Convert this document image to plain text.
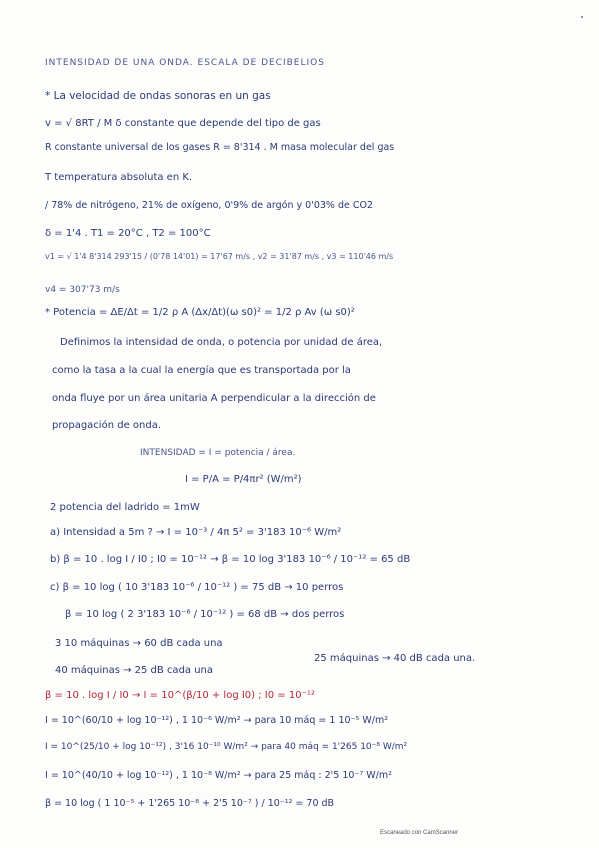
INTENSIDAD DE UNA ONDA. ESCALA DE DECIBELIOS
* La velocidad de ondas sonoras en un gas
v = √ 8RT / M δ constante que depende del tipo de gas
R constante universal de los gases R = 8'314 . M masa molecular del gas
T temperatura absoluta en K.
/ 78% de nitrógeno, 21% de oxígeno, 0'9% de argón y 0'03% de CO2
δ = 1'4 . T1 = 20°C , T2 = 100°C
v1 = √ 1'4 8'314 293'15 / (0'78 14'01) = 17'67 m/s , v2 = 31'87 m/s , v3 = 110'46 m/s
v4 = 307'73 m/s
* Potencia = ΔE/Δt = 1/2 ρ A (Δx/Δt)(ω s0)² = 1/2 ρ Av (ω s0)²
Definimos la intensidad de onda, o potencia por unidad de área,
como la tasa a la cual la energía que es transportada por la
onda fluye por un área unitaria A perpendicular a la dirección de
propagación de onda.
INTENSIDAD = I = potencia / área.
I = P/A = P/4πr² (W/m²)
2 potencia del ladrido = 1mW
a) Intensidad a 5m ? → I = 10⁻³ / 4π 5² = 3'183 10⁻⁶ W/m²
b) β = 10 . log I / I0 ; I0 = 10⁻¹² → β = 10 log 3'183 10⁻⁶ / 10⁻¹² = 65 dB
c) β = 10 log ( 10 3'183 10⁻⁶ / 10⁻¹² ) = 75 dB → 10 perros
β = 10 log ( 2 3'183 10⁻⁶ / 10⁻¹² ) = 68 dB → dos perros
3 10 máquinas → 60 dB cada una
25 máquinas → 40 dB cada una.
40 máquinas → 25 dB cada una
β = 10 . log I / I0 → I = 10^(β/10 + log I0) ; I0 = 10⁻¹²
I = 10^(60/10 + log 10⁻¹²) , 1 10⁻⁶ W/m² → para 10 máq = 1 10⁻⁵ W/m²
I = 10^(25/10 + log 10⁻¹²) , 3'16 10⁻¹⁰ W/m² → para 40 máq = 1'265 10⁻⁸ W/m²
I = 10^(40/10 + log 10⁻¹²) , 1 10⁻⁸ W/m² → para 25 máq : 2'5 10⁻⁷ W/m²
β = 10 log ( 1 10⁻⁵ + 1'265 10⁻⁸ + 2'5 10⁻⁷ ) / 10⁻¹² = 70 dB
Escaneado con CamScanner
